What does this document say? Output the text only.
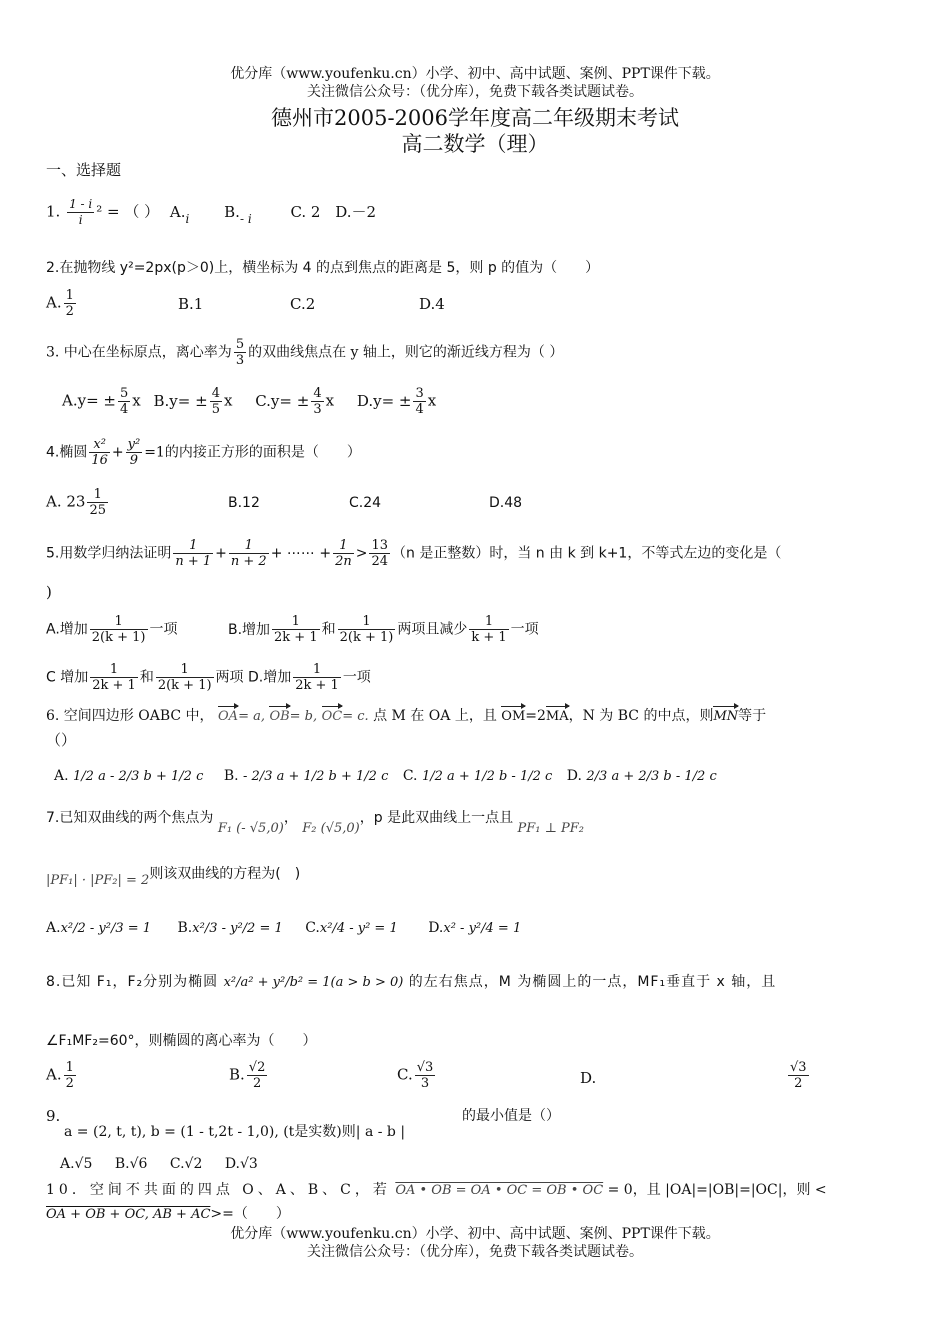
优分库（www.youfenku.cn）小学、初中、高中试题、案例、PPT课件下载。
关注微信公众号：（优分库），免费下载各类试题试卷。
德州市2005-2006学年度高二年级期末考试
高二数学（理）
一、选择题
1. $\frac{1 - i}{i} ^2$ = （ ） $A._i$ $B._{- i}$	C. 2 D.－2
2.在抛物线 y²=2px(p＞0)上，横坐标为 4 的点到焦点的距离是 5，则 p 的值为（　　）
A. $\frac{1}{2}$	B.1	C.2	D.4
3. 中心在坐标原点，离心率为 $\frac{5}{3}$ 的双曲线焦点在 y 轴上，则它的渐近线方程为（ ）
$A.y= \pm \frac{5}{4}$ x $B.y= \pm \frac{4}{5}$ x $C.y= \pm \frac{4}{3}$ x $D.y= \pm \frac{3}{4}$ x
4.椭圆 $\frac{\text{x²}}{16} + \frac{\text{y²}}{9} =1$的内接正方形的面积是（　　）
A. $23 \frac{1}{25}$	B.12	C.24	D.48
5.用数学归纳法证明 $\frac{1}{n + 1} + \frac{1}{n + 2}$ + ⋯⋯ + $\frac{1}{2n} > \frac{13}{24} (n$ 是正整数）时，当 n 由 k 到 k+1，不等式左边的变化是（
)
A.增加 $\frac{1}{2(k + 1)}$ 一项	B.增加 $\frac{1}{2k + 1}$ 和 $\frac{1}{2(k + 1)}$ 两项且减少 $\frac{1}{k + 1}$ 一项
C 增加 $\frac{1}{2k + 1}$ 和 $\frac{1}{2(k + 1)}$ 两项 D.增加 $\frac{1}{2k + 1}$ 一项
6. 空间四边形 OABC 中， OA= a, OB= b, OC= c. 点 M 在 OA 上，且 OM=2MA，N 为 BC 的中点，则MN等于
（）
A. 1/2 a - 2/3 b + 1/2 c B. - 2/3 a + 1/2 b + 1/2 c C. 1/2 a + 1/2 b - 1/2 c D. 2/3 a + 2/3 b - 1/2 c
7.已知双曲线的两个焦点为 F₁ (- √5,0)， F₂ (√5,0)，p 是此双曲线上一点且 PF₁ ⊥ PF₂
|PF₁| · |PF₂| = 2则该双曲线的方程为(　)
A.x²/2 - y²/3 = 1 B.x²/3 - y²/2 = 1 C.x²/4 - y² = 1 D.x² - y²/4 = 1
8.已知 F₁，F₂分别为椭圆 x²/a² + y²/b² = 1(a > b > 0) 的左右焦点，M 为椭圆上的一点，MF₁垂直于 x 轴，且
∠F₁MF₂=60°，则椭圆的离心率为（　　）
A. $\frac{1}{2}$	B. $\frac{√2}{2}$	C. $\frac{√3}{3}$	D.	$\frac{√3}{2}$
9.
a = (2, t, t), b = (1 - t,2t - 1,0), (t是实数)则| a - b |
的最小值是（）
A.√5 B.√6 C.√2 D.√3
10．空间不共面的四点 O、A、B、C，若 OA • OB = OA • OC = OB • OC = 0，且 |OA|=|OB|=|OC|，则 <
OA + OB + OC, AB + AC>=（　　）
优分库（www.youfenku.cn）小学、初中、高中试题、案例、PPT课件下载。
关注微信公众号：（优分库），免费下载各类试题试卷。
